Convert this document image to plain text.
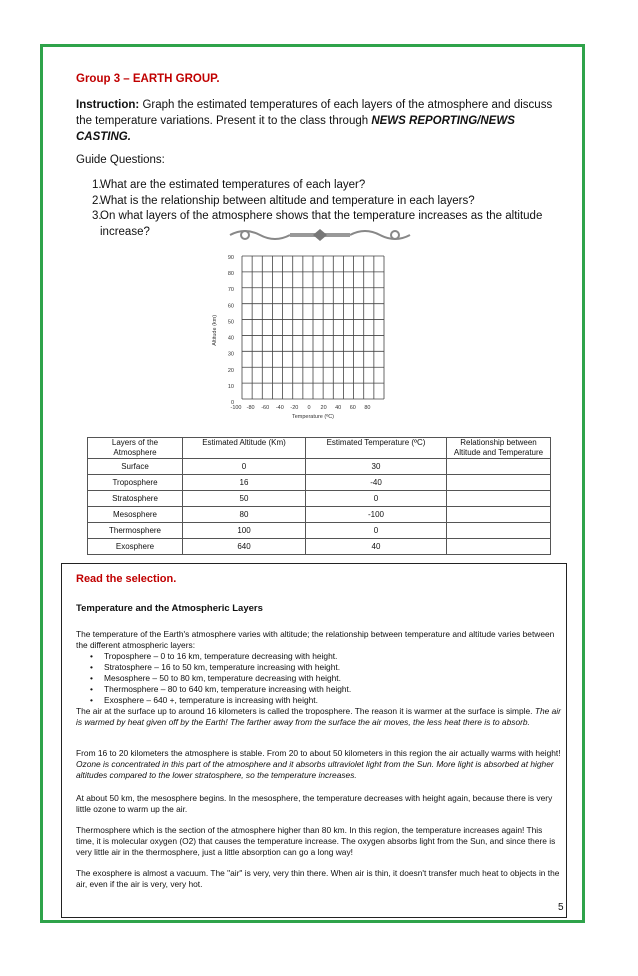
Group 3 – EARTH GROUP.
Instruction: Graph the estimated temperatures of each layers of the atmosphere and discuss
the temperature variations. Present it to the class through NEWS REPORTING/NEWS
CASTING.
Guide Questions:
1.
What are the estimated temperatures of each layer?
2.
What is the relationship between altitude and temperature in each layers?
3.
On what layers of the atmosphere shows that the temperature increases as the altitude
increase?
0
10
20
30
40
50
60
70
80
90
-100 -80 -60 -40 -20 0 20 40 60 80
Temperature (ºC)
Altitude (km)
Layers of the Atmosphere	Estimated Altitude (Km)	Estimated Temperature (ºC)	Relationship between Altitude and Temperature
Surface	0	30	
Troposphere	16	-40	
Stratosphere	50	0	
Mesosphere	80	-100	
Thermosphere	100	0	
Exosphere	640	40	
Read the selection.
Temperature and the Atmospheric Layers
The temperature of the Earth's atmosphere varies with altitude; the relationship between temperature and altitude varies between the different atmospheric layers:
• Troposphere – 0 to 16 km, temperature decreasing with height.
• Stratosphere – 16 to 50 km, temperature increasing with height.
• Mesosphere – 50 to 80 km, temperature decreasing with height.
• Thermosphere – 80 to 640 km, temperature increasing with height.
• Exosphere – 640 +, temperature is increasing with height.
The air at the surface up to around 16 kilometers is called the troposphere. The reason it is warmer at the surface is simple. The air is warmed by heat given off by the Earth! The farther away from the surface the air moves, the less heat there is to absorb.
From 16 to 20 kilometers the atmosphere is stable. From 20 to about 50 kilometers in this region the air actually warms with height! Ozone is concentrated in this part of the atmosphere and it absorbs ultraviolet light from the Sun. More light is absorbed at higher altitudes compared to the lower stratosphere, so the temperature increases.
At about 50 km, the mesosphere begins. In the mesosphere, the temperature decreases with height again, because there is very little ozone to warm up the air.
Thermosphere which is the section of the atmosphere higher than 80 km. In this region, the temperature increases again! This time, it is molecular oxygen (O2) that causes the temperature increase. The oxygen absorbs light from the Sun, and since there is very little air in the thermosphere, just a little absorption can go a long way!
The exosphere is almost a vacuum. The "air" is very, very thin there. When air is thin, it doesn't transfer much heat to objects in the air, even if the air is very, very hot.
5
